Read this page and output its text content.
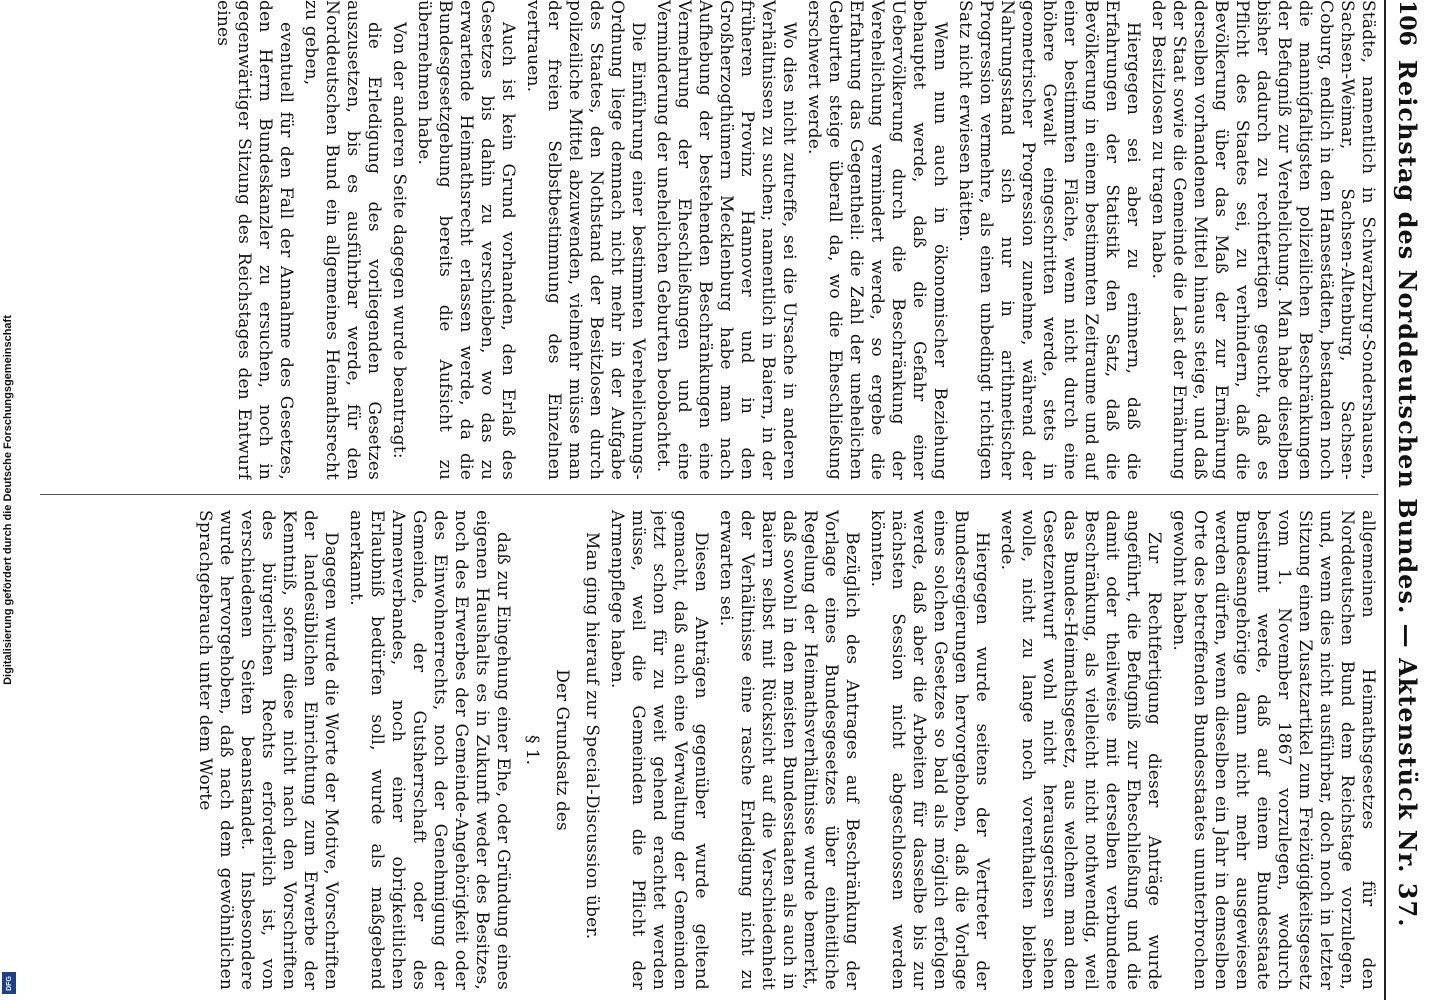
Digitalisierung gefördert durch die Deutsche Forschungsgemeinschaft
DFG
106
Reichstag des Norddeutschen Bundes. — Aktenstück Nr. 37.

Städte, namentlich in Schwarzburg-Sondershausen, Sachsen-Weimar, Sachsen-Altenburg, Sachsen-Coburg, endlich in den Hansestädten, bestanden noch die mannigfaltigsten polizeilichen Beschränkungen der Befugniß zur Verehelichung. Man habe dieselben bisher dadurch zu rechtfertigen gesucht, daß es Pflicht des Staates sei, zu verhindern, daß die Bevölkerung über das Maß der zur Ernährung derselben vorhandenen Mittel hinaus steige, und daß der Staat sowie die Gemeinde die Last der Ernährung der Besitzlosen zu tragen habe.

Hiergegen sei aber zu erinnern, daß die Erfahrungen der Statistik den Satz, daß die Bevölkerung in einem bestimmten Zeitraume und auf einer bestimmten Fläche, wenn nicht durch eine höhere Gewalt eingeschritten werde, stets in geometrischer Progression zunehme, während der Nahrungsstand sich nur in arithmetischer Progression vermehre, als einen unbedingt richtigen Satz nicht erwiesen hätten.

Wenn nun auch in ökonomischer Beziehung behauptet werde, daß die Gefahr einer Uebervölkerung durch die Beschränkung der Verehelichung vermindert werde, so ergebe die Erfahrung das Gegentheil: die Zahl der unehelichen Geburten steige überall da, wo die Eheschließung erschwert werde.

Wo dies nicht zutreffe, sei die Ursache in anderen Verhältnissen zu suchen; namentlich in Baiern, in der früheren Provinz Hannover und in den Großherzogthümern Mecklenburg habe man nach Aufhebung der bestehenden Beschränkungen eine Vermehrung der Eheschließungen und eine Verminderung der unehelichen Geburten beobachtet.

Die Einführung einer bestimmten Verehelichungs-Ordnung liege demnach nicht mehr in der Aufgabe des Staates, den Nothstand der Besitzlosen durch polizeiliche Mittel abzuwenden, vielmehr müsse man der freien Selbstbestimmung des Einzelnen vertrauen.

Auch ist kein Grund vorhanden, den Erlaß des Gesetzes bis dahin zu verschieben, wo das zu erwartende Heimathsrecht erlassen werde, da die Bundesgesetzgebung bereits die Aufsicht zu übernehmen habe.

Von der anderen Seite dagegen wurde beantragt:

die Erledigung des vorliegenden Gesetzes auszusetzen, bis es ausführbar werde, für den Norddeutschen Bund ein allgemeines Heimathsrecht zu geben,

eventuell für den Fall der Annahme des Gesetzes, den Herrn Bundeskanzler zu ersuchen, noch in gegenwärtiger Sitzung des Reichstages den Entwurf eines

allgemeinen Heimathsgesetzes für den Norddeutschen Bund dem Reichstage vorzulegen, und, wenn dies nicht ausführbar, doch noch in letzter Sitzung einen Zusatzartikel zum Freizügigkeitsgesetz vom 1. November 1867 vorzulegen, wodurch bestimmt werde, daß auf einem Bundesstaate Bundesangehörige dann nicht mehr ausgewiesen werden dürfen, wenn dieselben ein Jahr in demselben Orte des betreffenden Bundesstaates ununterbrochen gewohnt haben.

Zur Rechtfertigung dieser Anträge wurde angeführt, die Befugniß zur Eheschließung und die damit oder theilweise mit derselben verbundene Beschränkung, als vielleicht nicht nothwendig, weil das Bundes-Heimathsgesetz, aus welchem man den Gesetzentwurf wohl nicht herausgerissen sehen wolle, nicht zu lange noch vorenthalten bleiben werde.

Hiergegen wurde seitens der Vertreter der Bundesregierungen hervorgehoben, daß die Vorlage eines solchen Gesetzes so bald als möglich erfolgen werde, daß aber die Arbeiten für dasselbe bis zur nächsten Session nicht abgeschlossen werden könnten.

Bezüglich des Antrages auf Beschränkung der Vorlage eines Bundesgesetzes über einheitliche Regelung der Heimathsverhältnisse wurde bemerkt, daß sowohl in den meisten Bundesstaaten als auch in Baiern selbst mit Rücksicht auf die Verschiedenheit der Verhältnisse eine rasche Erledigung nicht zu erwarten sei.

Diesen Anträgen gegenüber wurde geltend gemacht, daß auch eine Verwaltung der Gemeinden jetzt schon für zu weit gehend erachtet werden müsse, weil die Gemeinden die Pflicht der Armenpflege haben.

Man ging hierauf zur Special-Discussion über.

Der Grundsatz des

§ 1.

daß zur Eingehung einer Ehe, oder Gründung eines eigenen Haushalts es in Zukunft weder des Besitzes, noch des Erwerbes der Gemeinde-Angehörigkeit oder des Einwohnerrechts, noch der Genehmigung der Gemeinde, der Gutsherrschaft oder des Armenverbandes, noch einer obrigkeitlichen Erlaubniß bedürfen soll, wurde als maßgebend anerkannt.

Dagegen wurde die Worte der Motive, Vorschriften der landesüblichen Einrichtung zum Erwerbe der Kenntniß, sofern diese nicht nach den Vorschriften des bürgerlichen Rechts erforderlich ist, von verschiedenen Seiten beanstandet. Insbesondere wurde hervorgehoben, daß nach dem gewöhnlichen Sprachgebrauch unter dem Worte
